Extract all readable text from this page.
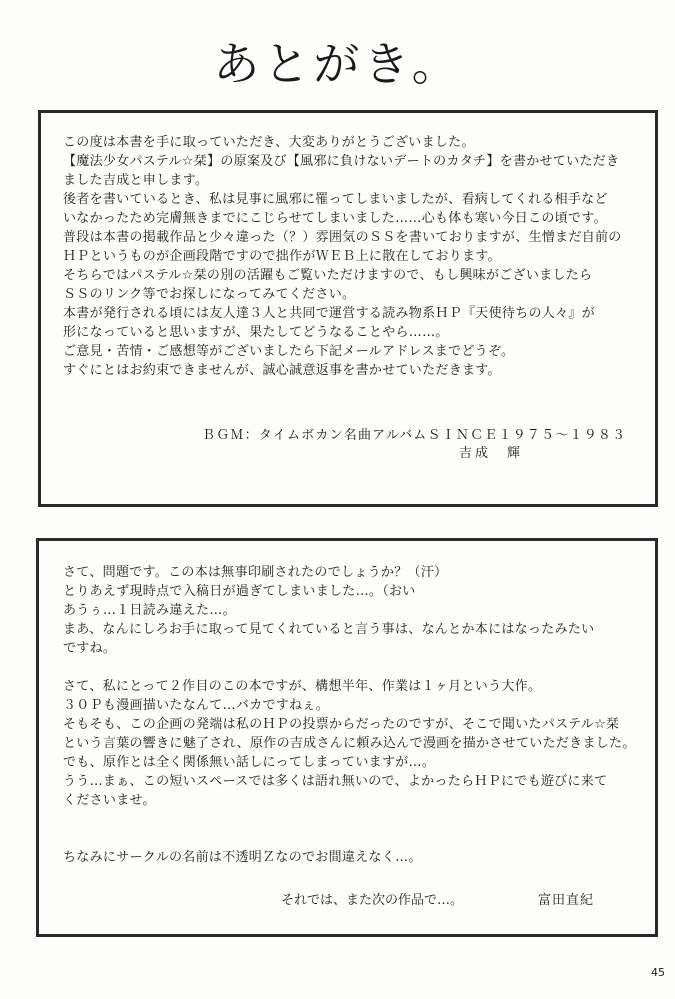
あとがき。
この度は本書を手に取っていただき、大変ありがとうございました。
【魔法少女パステル☆栞】の原案及び【風邪に負けないデートのカタチ】を書かせていただき
ました吉成と申します。
後者を書いているとき、私は見事に風邪に罹ってしまいましたが、看病してくれる相手など
いなかったため完膚無きまでにこじらせてしまいました……心も体も寒い今日この頃です。
普段は本書の掲載作品と少々違った（？）雰囲気のＳＳを書いておりますが、生憎まだ自前の
ＨＰというものが企画段階ですので拙作がＷＥＢ上に散在しております。
そちらではパステル☆栞の別の活躍もご覧いただけますので、もし興味がございましたら
ＳＳのリンク等でお探しになってみてください。
本書が発行される頃には友人達３人と共同で運営する読み物系ＨＰ『天使待ちの人々』が
形になっていると思いますが、果たしてどうなることやら……。
ご意見・苦情・ご感想等がございましたら下記メールアドレスまでどうぞ。
すぐにとはお約束できませんが、誠心誠意返事を書かせていただきます。
ＢＧＭ：タイムボカン名曲アルバムＳＩＮＣＥ１９７５～１９８３
吉成　輝
さて、問題です。この本は無事印刷されたのでしょうか？（汗）
とりあえず現時点で入稿日が過ぎてしまいました…。（おい
あうぅ…１日読み違えた…。
まあ、なんにしろお手に取って見てくれていると言う事は、なんとか本にはなったみたい
ですね。
さて、私にとって２作目のこの本ですが、構想半年、作業は１ヶ月という大作。
３０Ｐも漫画描いたなんて…バカですねぇ。
そもそも、この企画の発端は私のＨＰの投票からだったのですが、そこで聞いたパステル☆栞
という言葉の響きに魅了され、原作の吉成さんに頼み込んで漫画を描かさせていただきました。
でも、原作とは全く関係無い話しにってしまっていますが…。
うう…まぁ、この短いスペースでは多くは語れ無いので、よかったらＨＰにでも遊びに来て
くださいませ。
ちなみにサークルの名前は不透明Ｚなのでお間違えなく…。
それでは、また次の作品で…。	富田直紀
45
